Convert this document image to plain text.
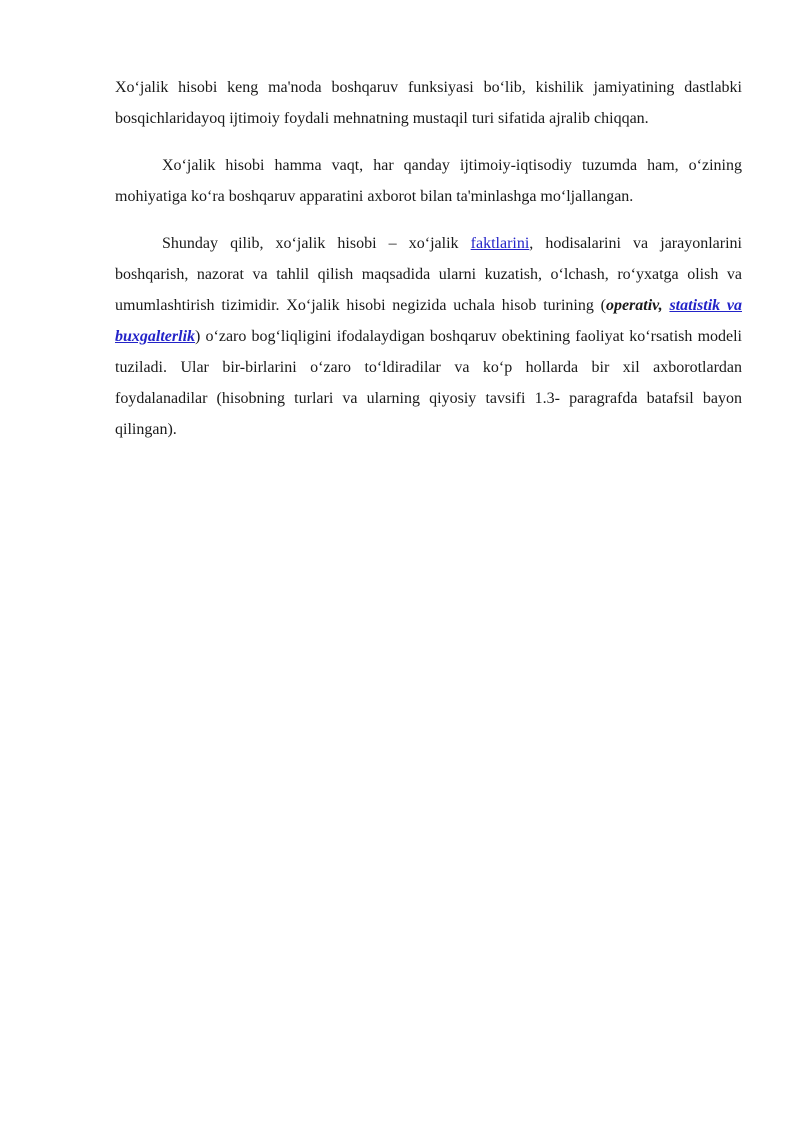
Xo‘jalik hisobi keng ma'noda boshqaruv funksiyasi bo‘lib, kishilik jamiyatining dastlabki bosqichlaridayoq ijtimoiy foydali mehnatning mustaqil turi sifatida ajralib chiqqan.

Xo‘jalik hisobi hamma vaqt, har qanday ijtimoiy-iqtisodiy tuzumda ham, o‘zining mohiyatiga ko‘ra boshqaruv apparatini axborot bilan ta'minlashga mo‘ljallangan.

Shunday qilib, xo‘jalik hisobi – xo‘jalik faktlarini, hodisalarini va jarayonlarini boshqarish, nazorat va tahlil qilish maqsadida ularni kuzatish, o‘lchash, ro‘yxatga olish va umumlashtirish tizimidir. Xo‘jalik hisobi negizida uchala hisob turining (operativ, statistik va buxgalterlik) o‘zaro bog‘liqligini ifodalaydigan boshqaruv obektining faoliyat ko‘rsatish modeli tuziladi. Ular bir-birlarini o‘zaro to‘ldiradilar va ko‘p hollarda bir xil axborotlardan foydalanadilar (hisobning turlari va ularning qiyosiy tavsifi 1.3- paragrafda batafsil bayon qilingan).
